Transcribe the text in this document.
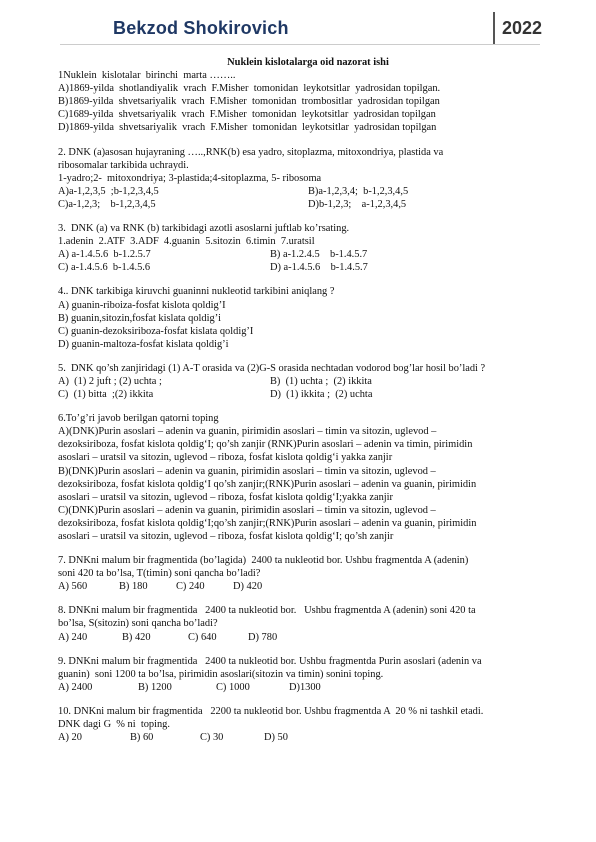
Bekzod Shokirovich	2022
Nuklein kislotalarga oid nazorat ishi
1Nuklein  kislotalar  birinchi  marta ……..
A)1869-yilda  shotlandiyalik  vrach  F.Misher  tomonidan  leykotsitlar  yadrosidan topilgan.
B)1869-yilda  shvetsariyalik  vrach  F.Misher  tomonidan  trombositlar  yadrosidan topilgan
C)1689-yilda  shvetsariyalik  vrach  F.Misher  tomonidan  leykotsitlar  yadrosidan topilgan
D)1869-yilda  shvetsariyalik  vrach  F.Misher  tomonidan  leykotsitlar  yadrosidan topilgan
2. DNK (a)asosan hujayraning …..,RNK(b) esa yadro, sitoplazma, mitoxondriya, plastida va
ribosomalar tarkibida uchraydi.
1-yadro;2-  mitoxondriya; 3-plastida;4-sitoplazma, 5- ribosoma
A)a-1,2,3,5  ;b-1,2,3,4,5	B)a-1,2,3,4;  b-1,2,3,4,5
C)a-1,2,3;    b-1,2,3,4,5	D)b-1,2,3;    a-1,2,3,4,5
3.  DNK (a) va RNK (b) tarkibidagi azotli asoslarni juftlab ko’rsating.
1.adenin  2.ATF  3.ADF  4.guanin  5.sitozin  6.timin  7.uratsil
A) a-1.4.5.6  b-1.2.5.7	B) a-1.2.4.5    b-1.4.5.7
C) a-1.4.5.6  b-1.4.5.6	D) a-1.4.5.6    b-1.4.5.7
4.. DNK tarkibiga kiruvchi guaninni nukleotid tarkibini aniqlang ?
A) guanin-riboiza-fosfat kislota qoldig’I
B) guanin,sitozin,fosfat kislata qoldig’i
C) guanin-dezoksiriboza-fosfat kislata qoldig’I
D) guanin-maltoza-fosfat kislata qoldig’i
5.  DNK qo’sh zanjiridagi (1) A-T orasida va (2)G-S orasida nechtadan vodorod bog’lar hosil bo’ladi ?
A)  (1) 2 juft ; (2) uchta ;	B)  (1) uchta ;  (2) ikkita
C)  (1) bitta  ;(2) ikkita	D)  (1) ikkita ;  (2) uchta
6.To’g’ri javob berilgan qatorni toping
A)(DNK)Purin asoslari – adenin va guanin, pirimidin asoslari – timin va sitozin, uglevod –
dezoksiriboza, fosfat kislota qoldig‘I; qo’sh zanjir (RNK)Purin asoslari – adenin va timin, pirimidin
asoslari – uratsil va sitozin, uglevod – riboza, fosfat kislota qoldig‘i yakka zanjir
B)(DNK)Purin asoslari – adenin va guanin, pirimidin asoslari – timin va sitozin, uglevod –
dezoksiriboza, fosfat kislota qoldig‘I qo’sh zanjir;(RNK)Purin asoslari – adenin va guanin, pirimidin
asoslari – uratsil va sitozin, uglevod – riboza, fosfat kislota qoldig‘I;yakka zanjir
C)(DNK)Purin asoslari – adenin va guanin, pirimidin asoslari – timin va sitozin, uglevod –
dezoksiriboza, fosfat kislota qoldig‘I;qo’sh zanjir;(RNK)Purin asoslari – adenin va guanin, pirimidin
asoslari – uratsil va sitozin, uglevod – riboza, fosfat kislota qoldig‘I; qo’sh zanjir
7. DNKni malum bir fragmentida (bo’lagida)  2400 ta nukleotid bor. Ushbu fragmentda A (adenin)
soni 420 ta bo’lsa, T(timin) soni qancha bo’ladi?
A) 560	B) 180	C) 240	D) 420
8. DNKni malum bir fragmentida   2400 ta nukleotid bor.   Ushbu fragmentda A (adenin) soni 420 ta
bo’lsa, S(sitozin) soni qancha bo’ladi?
A) 240	B) 420	C) 640	D) 780
9. DNKni malum bir fragmentida   2400 ta nukleotid bor. Ushbu fragmentda Purin asoslari (adenin va
guanin)  soni 1200 ta bo’lsa, pirimidin asoslari(sitozin va timin) sonini toping.
A) 2400	B) 1200	C) 1000	D)1300
10. DNKni malum bir fragmentida   2200 ta nukleotid bor. Ushbu fragmentda A  20 % ni tashkil etadi.
DNK dagi G  % ni  toping.
A) 20	B) 60	C) 30	D) 50
